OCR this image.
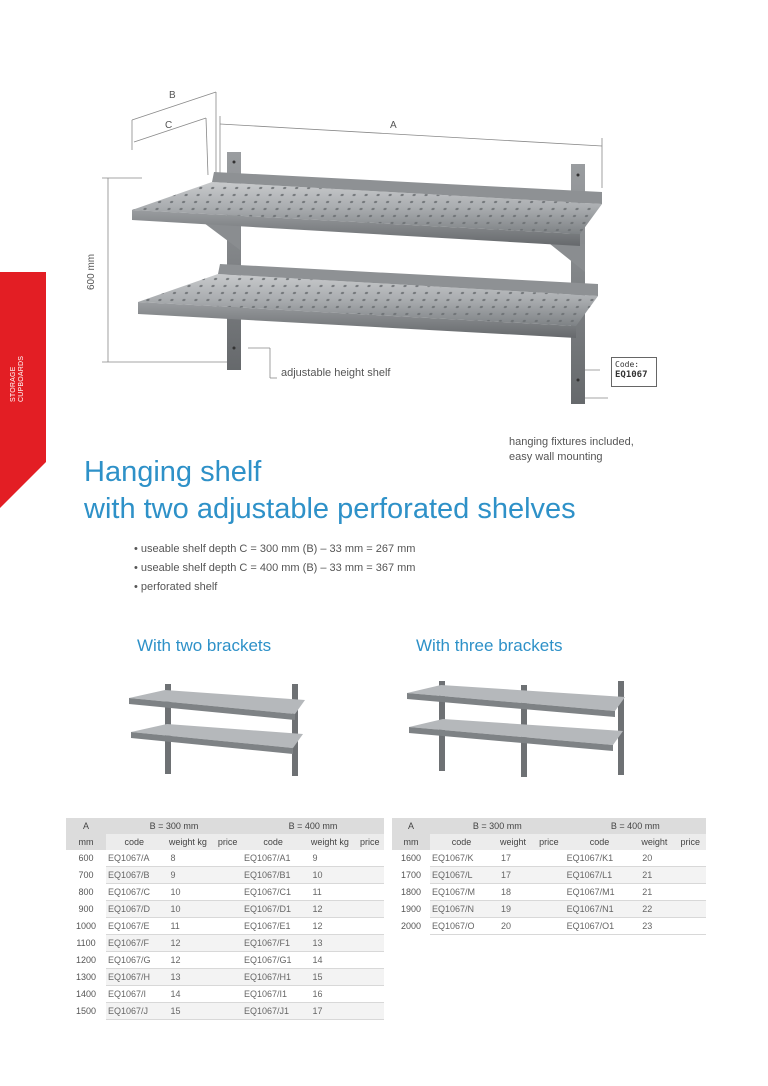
STORAGE
CUPBOARDS
B
C	A
600 mm
adjustable height shelf
Code:
EQ1067
hanging fixtures included,
easy wall mounting
Hanging shelf
with two adjustable perforated shelves
• useable shelf depth C = 300 mm (B) – 33 mm = 267 mm
• useable shelf depth C = 400 mm (B) – 33 mm = 367 mm
• perforated shelf
With two brackets	With three brackets
A	B = 300 mm			B = 400 mm		
mm	code	weight kg	price	code	weight kg	price
600	EQ1067/A	8		EQ1067/A1	9	
700	EQ1067/B	9		EQ1067/B1	10	
800	EQ1067/C	10		EQ1067/C1	11	
900	EQ1067/D	10		EQ1067/D1	12	
1000	EQ1067/E	11		EQ1067/E1	12	
1100	EQ1067/F	12		EQ1067/F1	13	
1200	EQ1067/G	12		EQ1067/G1	14	
1300	EQ1067/H	13		EQ1067/H1	15	
1400	EQ1067/I	14		EQ1067/I1	16	
1500	EQ1067/J	15		EQ1067/J1	17	
A	B = 300 mm			B = 400 mm		
mm	code	weight	price	code	weight	price
1600	EQ1067/K	17		EQ1067/K1	20	
1700	EQ1067/L	17		EQ1067/L1	21	
1800	EQ1067/M	18		EQ1067/M1	21	
1900	EQ1067/N	19		EQ1067/N1	22	
2000	EQ1067/O	20		EQ1067/O1	23	
